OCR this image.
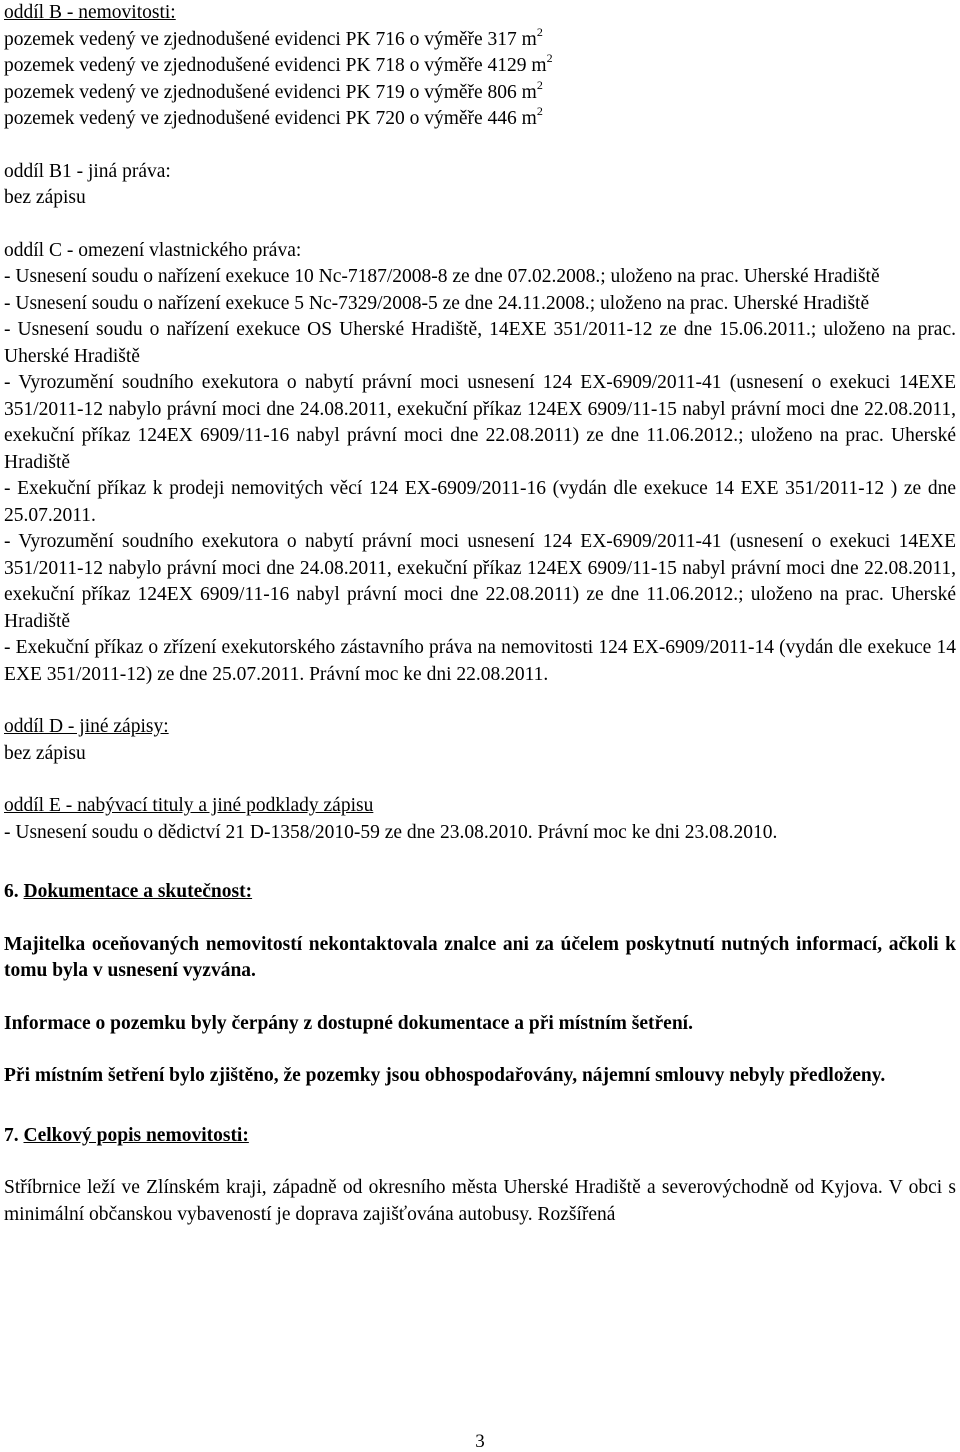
oddíl B - nemovitosti:

pozemek vedený ve zjednodušené evidenci PK 716 o výměře 317 $m^2$

pozemek vedený ve zjednodušené evidenci PK 718 o výměře 4129 $m^2$

pozemek vedený ve zjednodušené evidenci PK 719 o výměře 806 $m^2$

pozemek vedený ve zjednodušené evidenci PK 720 o výměře 446 $m^2$

oddíl B1 - jiná práva:

bez zápisu

oddíl C - omezení vlastnického práva:

- Usnesení soudu o nařízení exekuce 10 Nc-7187/2008-8 ze dne 07.02.2008.; uloženo na prac. Uherské Hradiště

- Usnesení soudu o nařízení exekuce 5 Nc-7329/2008-5 ze dne 24.11.2008.; uloženo na prac. Uherské Hradiště

- Usnesení soudu o nařízení exekuce OS Uherské Hradiště, 14EXE 351/2011-12 ze dne 15.06.2011.; uloženo na prac. Uherské Hradiště

- Vyrozumění soudního exekutora o nabytí právní moci usnesení 124 EX-6909/2011-41 (usnesení o exekuci 14EXE 351/2011-12 nabylo právní moci dne 24.08.2011, exekuční příkaz 124EX 6909/11-15 nabyl právní moci dne 22.08.2011, exekuční příkaz 124EX 6909/11-16 nabyl právní moci dne 22.08.2011) ze dne 11.06.2012.; uloženo na prac. Uherské Hradiště

- Exekuční příkaz k prodeji nemovitých věcí 124 EX-6909/2011-16 (vydán dle exekuce 14 EXE 351/2011-12 ) ze dne 25.07.2011.

- Vyrozumění soudního exekutora o nabytí právní moci usnesení 124 EX-6909/2011-41 (usnesení o exekuci 14EXE 351/2011-12 nabylo právní moci dne 24.08.2011, exekuční příkaz 124EX 6909/11-15 nabyl právní moci dne 22.08.2011, exekuční příkaz 124EX 6909/11-16 nabyl právní moci dne 22.08.2011) ze dne 11.06.2012.; uloženo na prac. Uherské Hradiště

- Exekuční příkaz o zřízení exekutorského zástavního práva na nemovitosti 124 EX-6909/2011-14 (vydán dle exekuce 14 EXE 351/2011-12) ze dne 25.07.2011. Právní moc ke dni 22.08.2011.

oddíl D - jiné zápisy:

bez zápisu

oddíl E - nabývací tituly a jiné podklady zápisu

- Usnesení soudu o dědictví 21 D-1358/2010-59 ze dne 23.08.2010. Právní moc ke dni 23.08.2010.

6. Dokumentace a skutečnost:

Majitelka oceňovaných nemovitostí nekontaktovala znalce ani za účelem poskytnutí nutných informací, ačkoli k tomu byla v usnesení vyzvána.

Informace o pozemku byly čerpány z dostupné dokumentace a při místním šetření.

Při místním šetření bylo zjištěno, že pozemky jsou obhospodařovány, nájemní smlouvy nebyly předloženy.

7. Celkový popis nemovitosti:

Stříbrnice leží ve Zlínském kraji, západně od okresního města Uherské Hradiště a severovýchodně od Kyjova. V obci s minimální občanskou vybaveností je doprava zajišťována autobusy. Rozšířená

3
